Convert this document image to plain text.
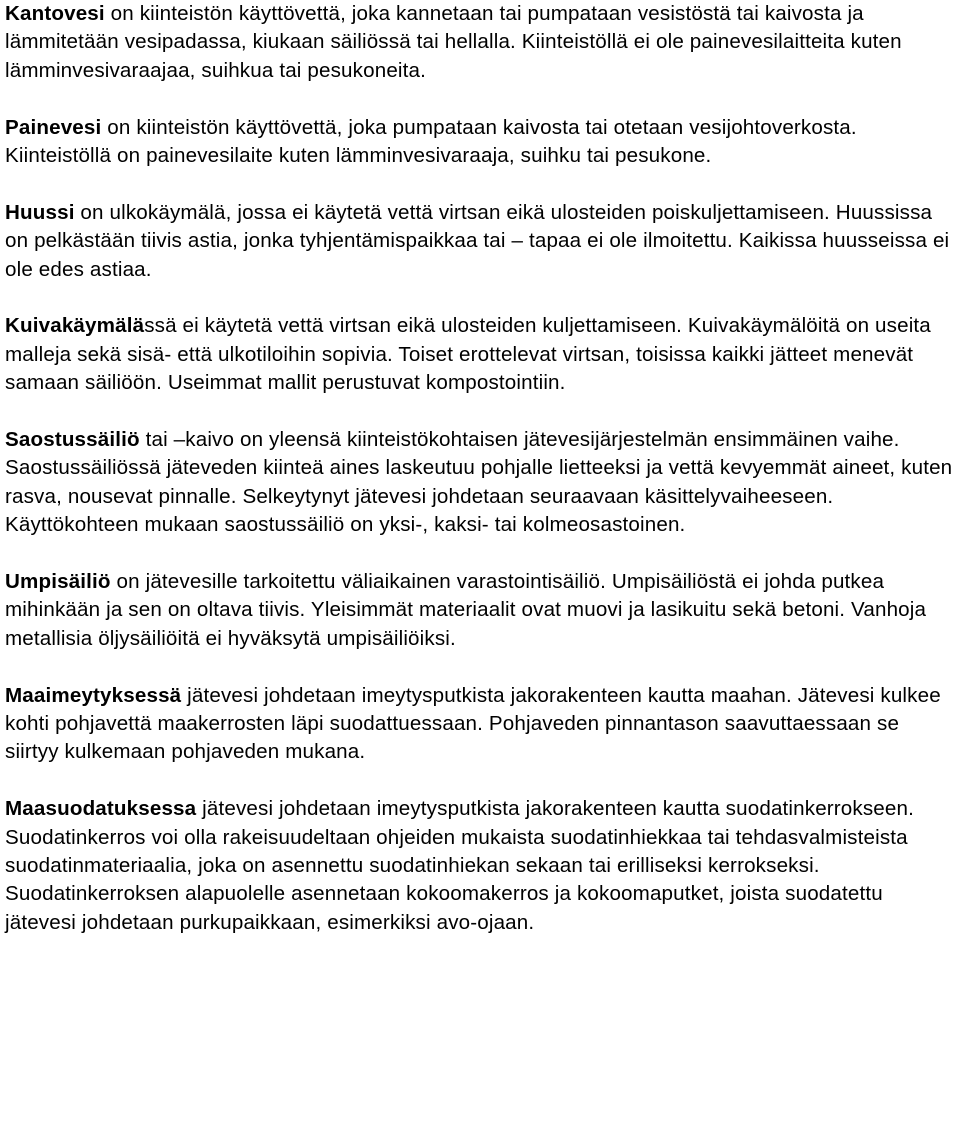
Kantovesi on kiinteistön käyttövettä, joka kannetaan tai pumpataan vesistöstä tai kaivosta ja lämmitetään vesipadassa, kiukaan säiliössä tai hellalla. Kiinteistöllä ei ole painevesilaitteita kuten lämminvesivaraajaa, suihkua tai pesukoneita.

Painevesi on kiinteistön käyttövettä, joka pumpataan kaivosta tai otetaan vesijohtoverkosta. Kiinteistöllä on painevesilaite kuten lämminvesivaraaja, suihku tai pesukone.

Huussi on ulkokäymälä, jossa ei käytetä vettä virtsan eikä ulosteiden poiskuljettamiseen. Huussissa on pelkästään tiivis astia, jonka tyhjentämispaikkaa tai – tapaa ei ole ilmoitettu. Kaikissa huusseissa ei ole edes astiaa.

Kuivakäymälässä ei käytetä vettä virtsan eikä ulosteiden kuljettamiseen. Kuivakäymälöitä on useita malleja sekä sisä- että ulkotiloihin sopivia. Toiset erottelevat virtsan, toisissa kaikki jätteet menevät samaan säiliöön. Useimmat mallit perustuvat kompostointiin.

Saostussäiliö tai –kaivo on yleensä kiinteistökohtaisen jätevesijärjestelmän ensimmäinen vaihe. Saostussäiliössä jäteveden kiinteä aines laskeutuu pohjalle lietteeksi ja vettä kevyemmät aineet, kuten rasva, nousevat pinnalle. Selkeytynyt jätevesi johdetaan seuraavaan käsittelyvaiheeseen. Käyttökohteen mukaan saostussäiliö on yksi-, kaksi- tai kolmeosastoinen.

Umpisäiliö on jätevesille tarkoitettu väliaikainen varastointisäiliö. Umpisäiliöstä ei johda putkea mihinkään ja sen on oltava tiivis. Yleisimmät materiaalit ovat muovi ja lasikuitu sekä betoni. Vanhoja metallisia öljysäiliöitä ei hyväksytä umpisäiliöiksi.

Maaimeytyksessä jätevesi johdetaan imeytysputkista jakorakenteen kautta maahan. Jätevesi kulkee kohti pohjavettä maakerrosten läpi suodattuessaan. Pohjaveden pinnantason saavuttaessaan se siirtyy kulkemaan pohjaveden mukana.

Maasuodatuksessa jätevesi johdetaan imeytysputkista jakorakenteen kautta suodatinkerrokseen. Suodatinkerros voi olla rakeisuudeltaan ohjeiden mukaista suodatinhiekkaa tai tehdasvalmisteista suodatinmateriaalia, joka on asennettu suodatinhiekan sekaan tai erilliseksi kerrokseksi. Suodatinkerroksen alapuolelle asennetaan kokoomakerros ja kokoomaputket, joista suodatettu jätevesi johdetaan purkupaikkaan, esimerkiksi avo-ojaan.
